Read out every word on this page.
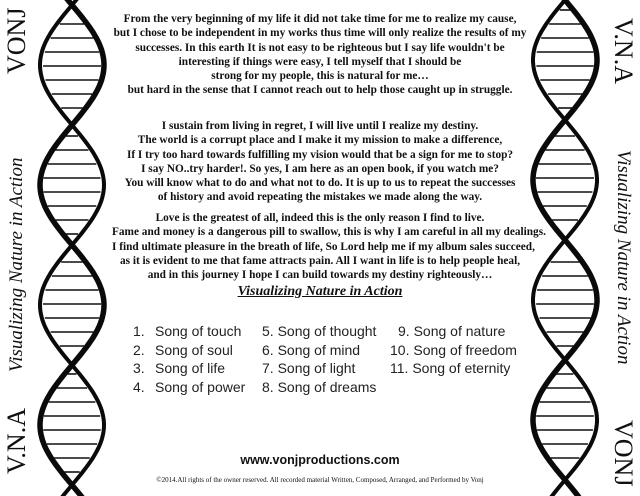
VONJ
Visualizing Nature in Action
V.N.A
V.N.A
Visualizing Nature in Action
VONJ
From the very beginning of my life it did not take time for me to realize my cause,
but I chose to be independent in my works thus time will only realize the results of my
successes. In this earth It is not easy to be righteous but I say life wouldn't be
interesting if things were easy, I tell myself that I should be
strong for my people, this is natural for me…
but hard in the sense that I cannot reach out to help those caught up in struggle.
I sustain from living in regret, I will live until I realize my destiny.
The world is a corrupt place and I make it my mission to make a difference,
If I try too hard towards fulfilling my vision would that be a sign for me to stop?
I say NO..try harder!. So yes, I am here as an open book, if you watch me?
You will know what to do and what not to do. It is up to us to repeat the successes
of history and avoid repeating the mistakes we made along the way.
Love is the greatest of all, indeed this is the only reason I find to live.
Fame and money is a dangerous pill to swallow, this is why I am careful in all my dealings.
I find ultimate pleasure in the breath of life, So Lord help me if my album sales succeed,
as it is evident to me that fame attracts pain. All I want in life is to help people heal,
and in this journey I hope I can build towards my destiny righteously…
Visualizing Nature in Action
1. Song of touch
2. Song of soul
3. Song of life
4. Song of power
5. Song of thought
6. Song of mind
7. Song of light
8. Song of dreams
9. Song of nature
10. Song of freedom
11. Song of eternity
www.vonjproductions.com
©2014.All rights of the owner reserved. All recorded material Written, Composed, Arranged, and Performed by Vonj
